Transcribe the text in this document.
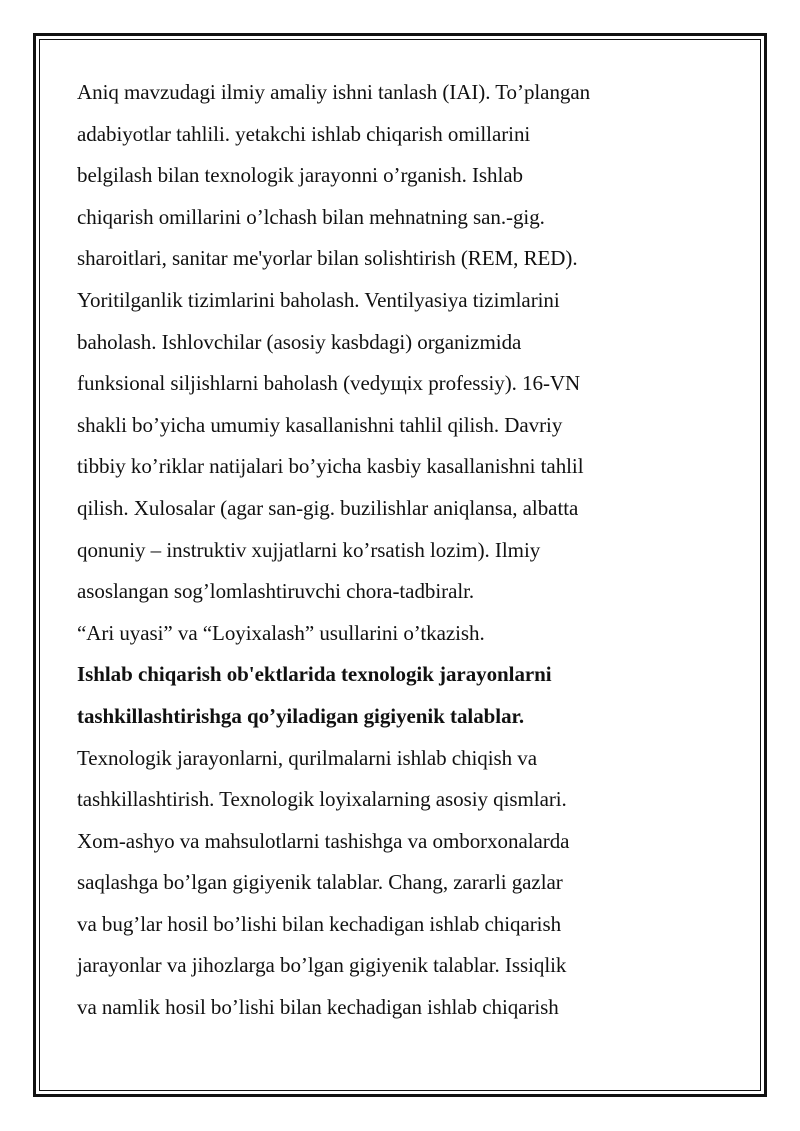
Aniq mavzudagi ilmiy amaliy ishni tanlash (IAI). To’plangan
adabiyotlar tahlili. yetakchi ishlab chiqarish omillarini
belgilash bilan texnologik jarayonni o’rganish. Ishlab
chiqarish omillarini o’lchash bilan mehnatning san.-gig.
sharoitlari, sanitar me'yorlar bilan solishtirish (REM, RED).
Yoritilganlik tizimlarini baholash. Ventilyasiya tizimlarini
baholash. Ishlovchilar (asosiy kasbdagi) organizmida
funksional siljishlarni baholash (vedущix professiy). 16-VN
shakli bo’yicha umumiy kasallanishni tahlil qilish. Davriy
tibbiy ko’riklar natijalari bo’yicha kasbiy kasallanishni tahlil
qilish. Xulosalar (agar san-gig. buzilishlar aniqlansa, albatta
qonuniy – instruktiv xujjatlarni ko’rsatish lozim). Ilmiy
asoslangan sog’lomlashtiruvchi chora-tadbiralr.
“Ari uyasi” va “Loyixalash” usullarini o’tkazish.
Ishlab chiqarish ob'ektlarida texnologik jarayonlarni
tashkillashtirishga qo’yiladigan gigiyenik talablar.
Texnologik jarayonlarni, qurilmalarni ishlab chiqish va
tashkillashtirish. Texnologik loyixalarning asosiy qismlari.
Xom-ashyo va mahsulotlarni tashishga va omborxonalarda
saqlashga bo’lgan gigiyenik talablar. Chang, zararli gazlar
va bug’lar hosil bo’lishi bilan kechadigan ishlab chiqarish
jarayonlar va jihozlarga bo’lgan gigiyenik talablar. Issiqlik
va namlik hosil bo’lishi bilan kechadigan ishlab chiqarish
